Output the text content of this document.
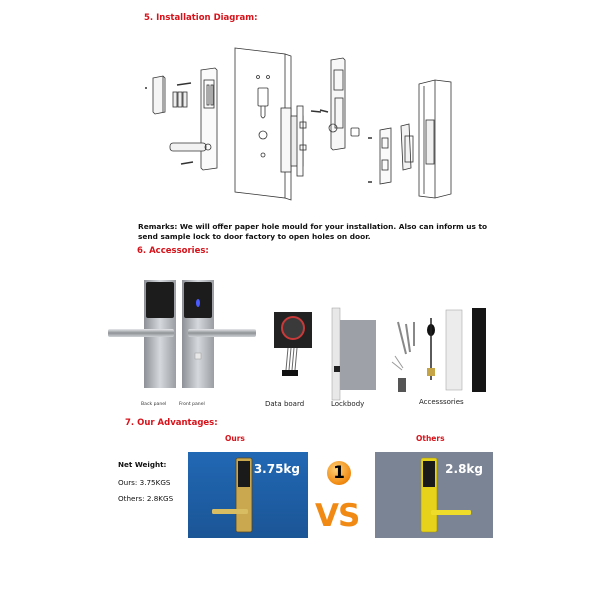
5. Installation Diagram:
Remarks: We will offer paper hole mould for your installation. Also can inform us to send sample lock to door factory to open holes on door.
6. Accessories:
Back panel	Front panel	Data board	Lockbody	Accesssories
7. Our Advantages:
Ours	Others
Net Weight:
Ours: 3.75KGS
Others: 2.8KGS
3.75kg 1
VS
2.8kg
